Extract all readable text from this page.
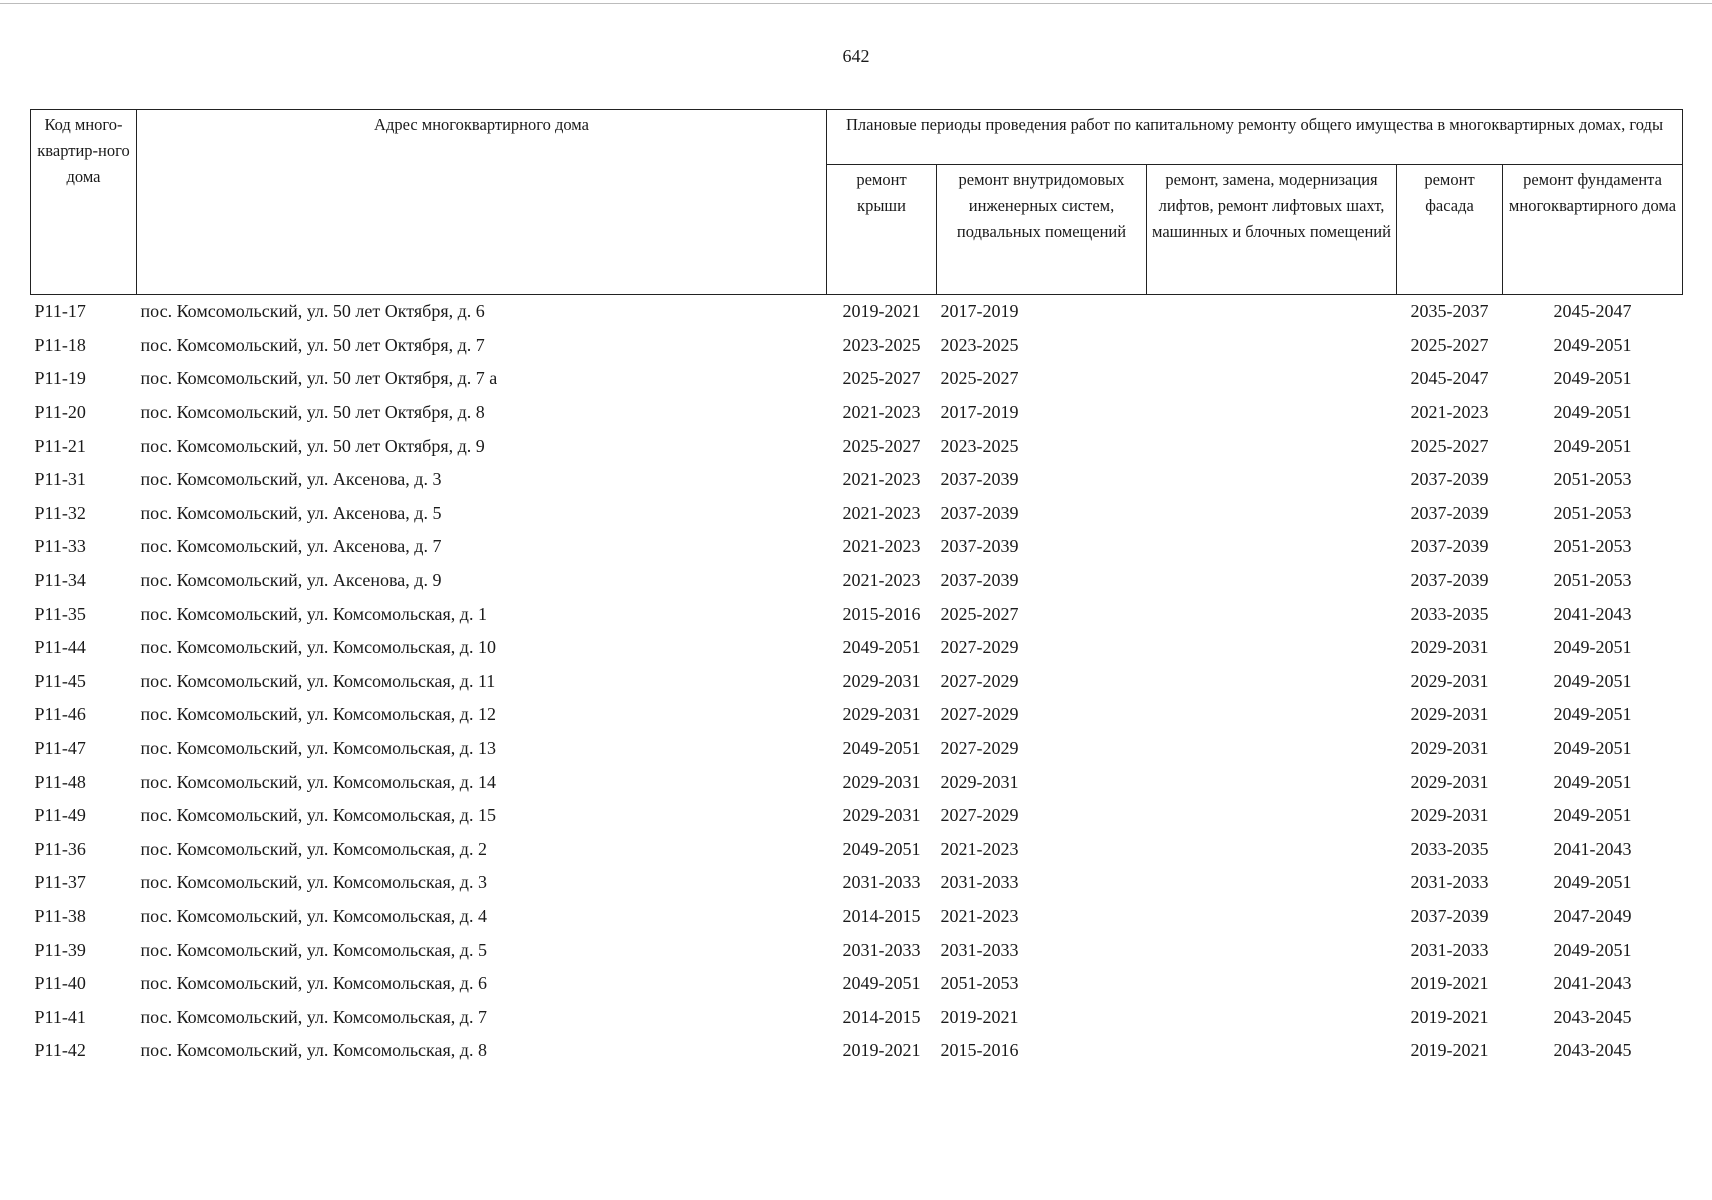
642
Код много-квартир-ного дома	Адрес многоквартирного дома	Плановые периоды проведения работ по капитальному ремонту общего имущества в многоквартирных домах, годы				
		ремонт крыши	ремонт внутридомовых инженерных систем, подвальных помещений	ремонт, замена, модернизация лифтов, ремонт лифтовых шахт, машинных и блочных помещений	ремонт фасада	ремонт фундамента многоквартирного дома
Р11-17	пос. Комсомольский, ул. 50 лет Октября, д. 6	2019-2021	2017-2019		2035-2037	2045-2047
Р11-18	пос. Комсомольский, ул. 50 лет Октября, д. 7	2023-2025	2023-2025		2025-2027	2049-2051
Р11-19	пос. Комсомольский, ул. 50 лет Октября, д. 7 а	2025-2027	2025-2027		2045-2047	2049-2051
Р11-20	пос. Комсомольский, ул. 50 лет Октября, д. 8	2021-2023	2017-2019		2021-2023	2049-2051
Р11-21	пос. Комсомольский, ул. 50 лет Октября, д. 9	2025-2027	2023-2025		2025-2027	2049-2051
Р11-31	пос. Комсомольский, ул. Аксенова, д. 3	2021-2023	2037-2039		2037-2039	2051-2053
Р11-32	пос. Комсомольский, ул. Аксенова, д. 5	2021-2023	2037-2039		2037-2039	2051-2053
Р11-33	пос. Комсомольский, ул. Аксенова, д. 7	2021-2023	2037-2039		2037-2039	2051-2053
Р11-34	пос. Комсомольский, ул. Аксенова, д. 9	2021-2023	2037-2039		2037-2039	2051-2053
Р11-35	пос. Комсомольский, ул. Комсомольская, д. 1	2015-2016	2025-2027		2033-2035	2041-2043
Р11-44	пос. Комсомольский, ул. Комсомольская, д. 10	2049-2051	2027-2029		2029-2031	2049-2051
Р11-45	пос. Комсомольский, ул. Комсомольская, д. 11	2029-2031	2027-2029		2029-2031	2049-2051
Р11-46	пос. Комсомольский, ул. Комсомольская, д. 12	2029-2031	2027-2029		2029-2031	2049-2051
Р11-47	пос. Комсомольский, ул. Комсомольская, д. 13	2049-2051	2027-2029		2029-2031	2049-2051
Р11-48	пос. Комсомольский, ул. Комсомольская, д. 14	2029-2031	2029-2031		2029-2031	2049-2051
Р11-49	пос. Комсомольский, ул. Комсомольская, д. 15	2029-2031	2027-2029		2029-2031	2049-2051
Р11-36	пос. Комсомольский, ул. Комсомольская, д. 2	2049-2051	2021-2023		2033-2035	2041-2043
Р11-37	пос. Комсомольский, ул. Комсомольская, д. 3	2031-2033	2031-2033		2031-2033	2049-2051
Р11-38	пос. Комсомольский, ул. Комсомольская, д. 4	2014-2015	2021-2023		2037-2039	2047-2049
Р11-39	пос. Комсомольский, ул. Комсомольская, д. 5	2031-2033	2031-2033		2031-2033	2049-2051
Р11-40	пос. Комсомольский, ул. Комсомольская, д. 6	2049-2051	2051-2053		2019-2021	2041-2043
Р11-41	пос. Комсомольский, ул. Комсомольская, д. 7	2014-2015	2019-2021		2019-2021	2043-2045
Р11-42	пос. Комсомольский, ул. Комсомольская, д. 8	2019-2021	2015-2016		2019-2021	2043-2045
